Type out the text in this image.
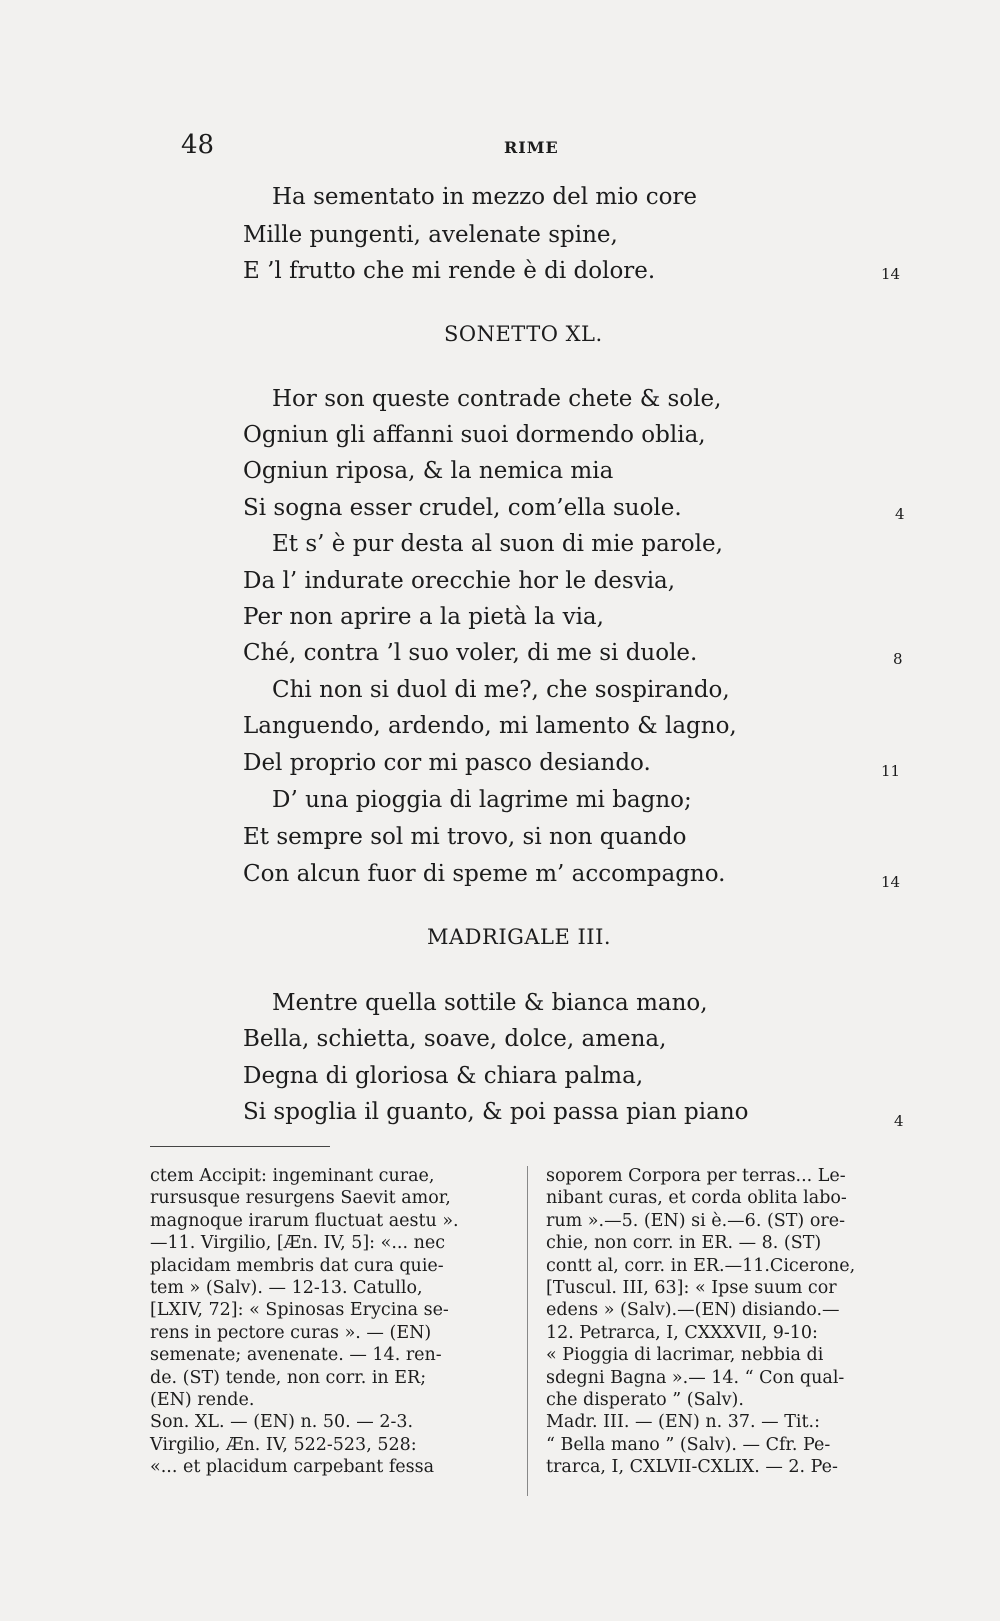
48	RIME
Ha sementato in mezzo del mio core
Mille pungenti, avelenate spine,
E ’l frutto che mi rende è di dolore.	14
SONETTO XL.
Hor son queste contrade chete & sole,
Ogniun gli affanni suoi dormendo oblia,
Ogniun riposa, & la nemica mia
Si sogna esser crudel, com’ella suole.	4
Et s’ è pur desta al suon di mie parole,
Da l’ indurate orecchie hor le desvia,
Per non aprire a la pietà la via,
Ché, contra ’l suo voler, di me si duole.	8
Chi non si duol di me?, che sospirando,
Languendo, ardendo, mi lamento & lagno,
Del proprio cor mi pasco desiando.	11
D’ una pioggia di lagrime mi bagno;
Et sempre sol mi trovo, si non quando
Con alcun fuor di speme m’ accompagno.	14
MADRIGALE III.
Mentre quella sottile & bianca mano,
Bella, schietta, soave, dolce, amena,
Degna di gloriosa & chiara palma,
Si spoglia il guanto, & poi passa pian piano	4
ctem Accipit: ingeminant curae,
rursusque resurgens Saevit amor,
magnoque irarum fluctuat aestu ».
—11. Virgilio, [Æn. IV, 5]: «... nec
placidam membris dat cura quie-
tem » (Salv). — 12-13. Catullo,
[LXIV, 72]: « Spinosas Erycina se-
rens in pectore curas ». — (EN)
semenate; avenenate. — 14. ren-
de. (ST) tende, non corr. in ER;
(EN) rende.
Son. XL. — (EN) n. 50. — 2-3.
Virgilio, Æn. IV, 522-523, 528:
«... et placidum carpebant fessa
soporem Corpora per terras... Le-
nibant curas, et corda oblita labo-
rum ».—5. (EN) si è.—6. (ST) ore-
chie, non corr. in ER. — 8. (ST)
contt al, corr. in ER.—11.Cicerone,
[Tuscul. III, 63]: « Ipse suum cor
edens » (Salv).—(EN) disiando.—
12. Petrarca, I, CXXXVII, 9-10:
« Pioggia di lacrimar, nebbia di
sdegni Bagna ».— 14. “ Con qual-
che disperato ” (Salv).
Madr. III. — (EN) n. 37. — Tit.:
“ Bella mano ” (Salv). — Cfr. Pe-
trarca, I, CXLVII-CXLIX. — 2. Pe-
